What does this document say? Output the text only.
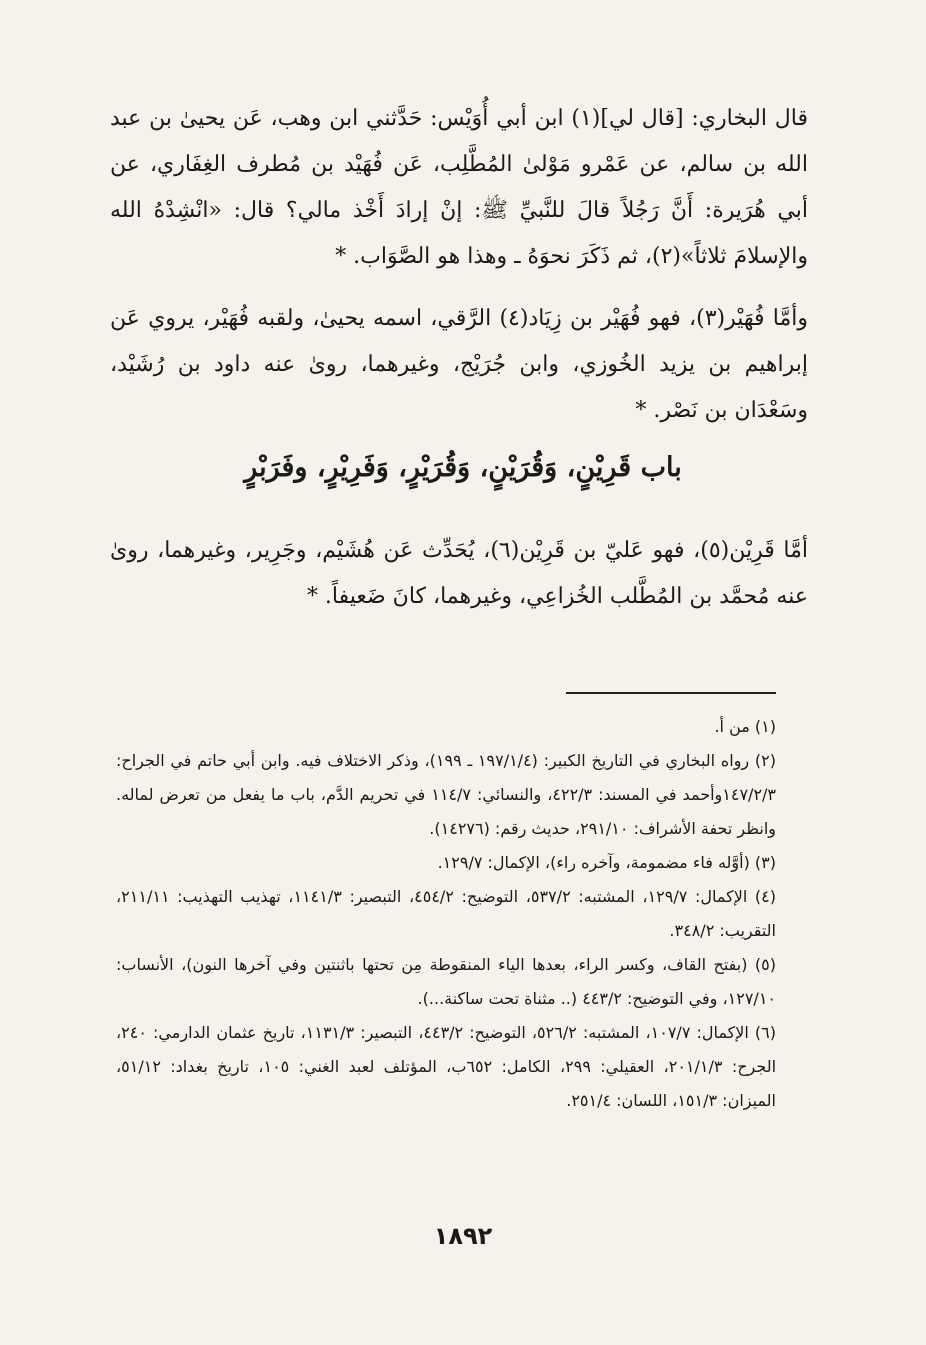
قال البخاري: [قال لي](١) ابن أبي أُوَيْس: حَدَّثني ابن وهب، عَن يحيىٰ بن عبد الله بن سالم، عن عَمْرو مَوْلىٰ المُطَّلِب، عَن فُهَيْد بن مُطرف الغِفَاري، عن أبي هُرَيرة: أَنَّ رَجُلاً قالَ للنَّبيِّ ﷺ: إنْ إرادَ أَخْذ مالي؟ قال: «انْشِدْهُ الله والإسلامَ ثلاثاً»(٢)، ثم ذَكَرَ نحوَهُ ـ وهذا هو الصَّوَاب. *

وأمَّا فُهَيْر(٣)، فهو فُهَيْر بن زِيَاد(٤) الرَّقي، اسمه يحيىٰ، ولقبه فُهَيْر، يروي عَن إبراهيم بن يزيد الخُوزي، وابن جُرَيْج، وغيرهما، روىٰ عنه داود بن رُشَيْد، وسَعْدَان بن نَصْر. *

باب قَرِيْنٍ، وَقُرَيْنٍ، وَقُرَيْرٍ، وَفَرِيْرٍ، وفَرَبْرٍ

أمَّا قَرِيْن(٥)، فهو عَليّ بن قَرِيْن(٦)، يُحَدِّث عَن هُشَيْم، وجَرِير، وغيرهما، روىٰ عنه مُحمَّد بن المُطَّلب الخُزاعِي، وغيرهما، كانَ ضَعيفاً. *

(١) من أ.

(٢) رواه البخاري في التاريخ الكبير: (١٩٧/١/٤ ـ ١٩٩)، وذكر الاختلاف فيه. وابن أبي حاتم في الجراح: ١٤٧/٢/٣وأحمد في المسند: ٤٢٢/٣، والنسائي: ١١٤/٧ في تحريم الدَّم، باب ما يفعل من تعرض لماله. وانظر تحفة الأشراف: ٢٩١/١٠، حديث رقم: (١٤٢٧٦).

(٣) (أوَّله فاء مضمومة، وآخره راء)، الإكمال: ١٢٩/٧.

(٤) الإكمال: ١٢٩/٧، المشتبه: ٥٣٧/٢، التوضيح: ٤٥٤/٢، التبصير: ١١٤١/٣، تهذيب التهذيب: ٢١١/١١، التقريب: ٣٤٨/٢.

(٥) (بفتح القاف، وكسر الراء، بعدها الياء المنقوطة مِن تحتها باثنتين وفي آخرها النون)، الأنساب: ١٢٧/١٠، وفي التوضيح: ٤٤٣/٢ (.. مثناة تحت ساكنة...).

(٦) الإكمال: ١٠٧/٧، المشتبه: ٥٢٦/٢، التوضيح: ٤٤٣/٢، التبصير: ١١٣١/٣، تاريخ عثمان الدارمي: ٢٤٠، الجرح: ٢٠١/١/٣، العقيلي: ٢٩٩، الكامل: ٦٥٢ب، المؤتلف لعبد الغني: ١٠٥، تاريخ بغداد: ٥١/١٢، الميزان: ١٥١/٣، اللسان: ٢٥١/٤.

١٨٩٢
